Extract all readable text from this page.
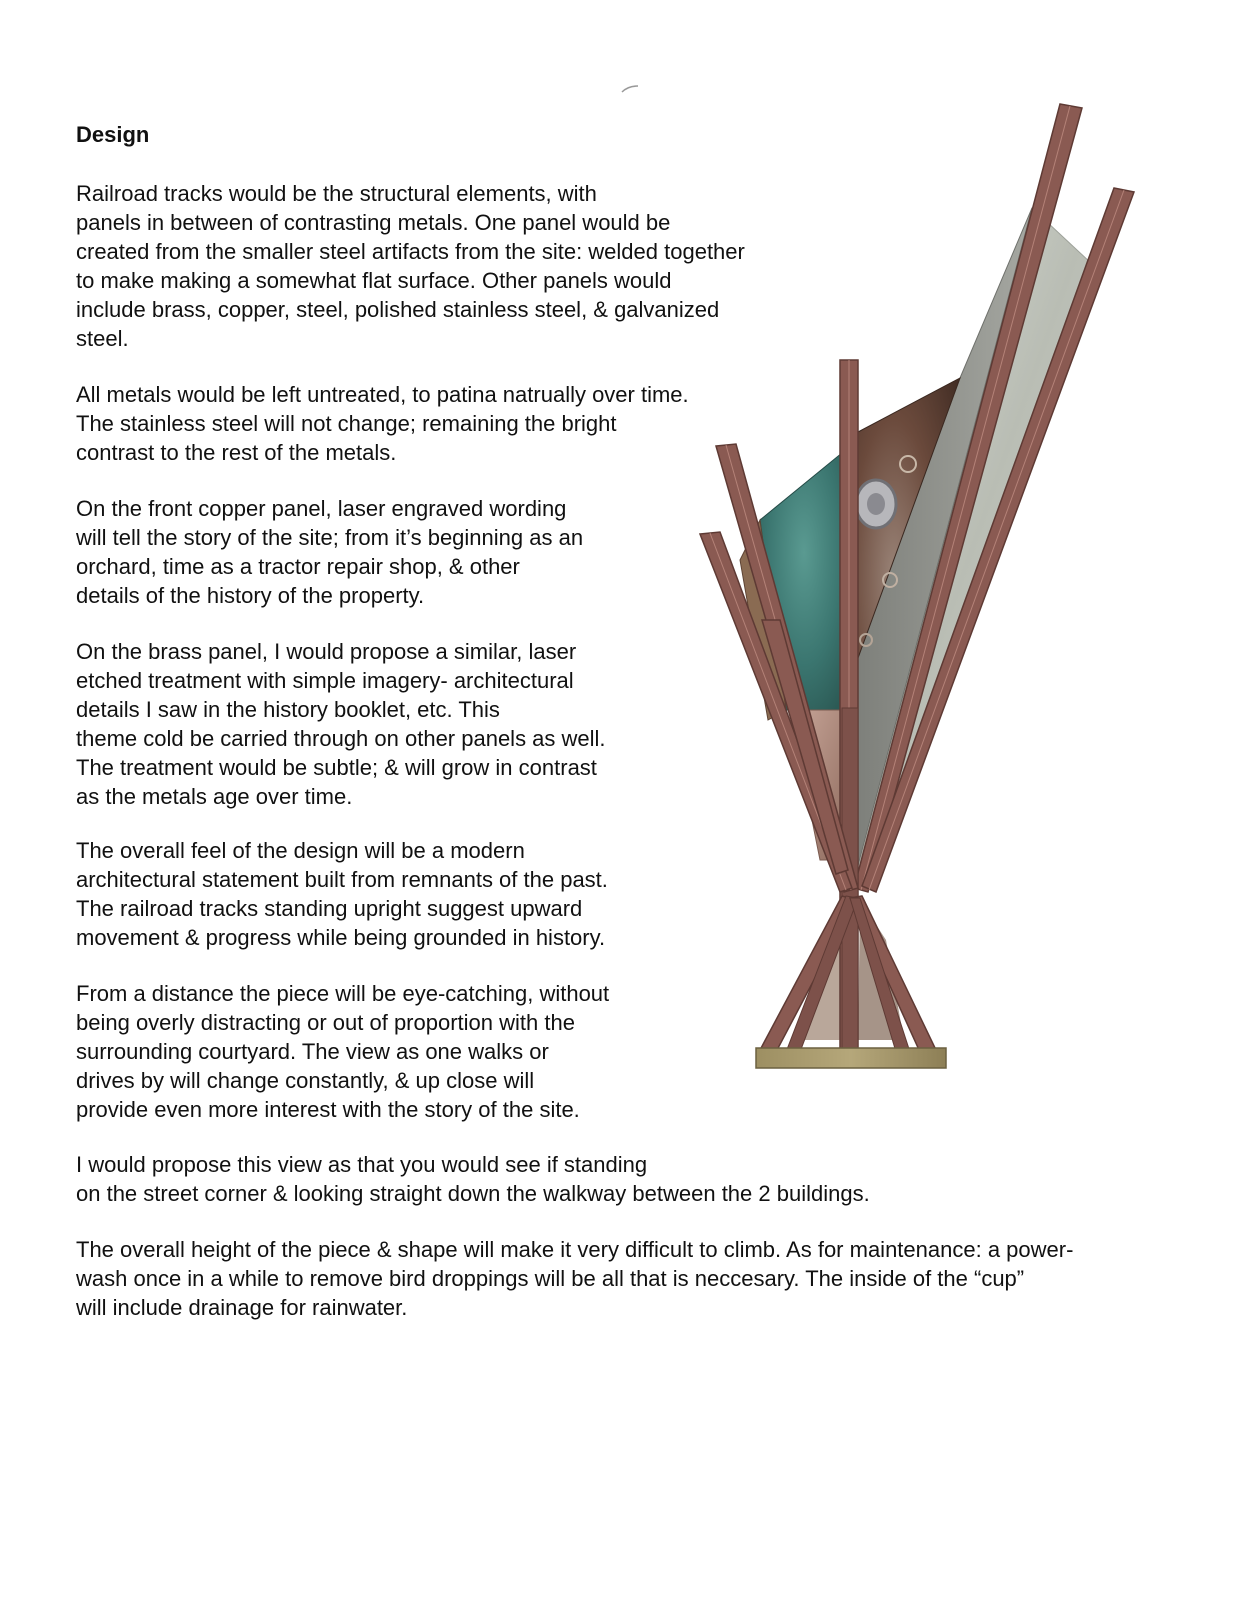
Design

Railroad tracks would be the structural elements, with
panels in between of contrasting metals. One panel would be
created from the smaller steel artifacts from the site: welded together
to make making a somewhat flat surface. Other panels would
include brass, copper, steel, polished stainless steel, & galvanized
steel.

All metals would be left untreated, to patina natrually over time.
The stainless steel will not change; remaining the bright
contrast to the rest of the metals.

On the front copper panel, laser engraved wording
will tell the story of the site; from it’s beginning as an
orchard, time as a tractor repair shop, & other
details of the history of the property.

On the brass panel, I would propose a similar, laser
etched treatment with simple imagery- architectural
details I saw in the history booklet, etc. This
theme cold be carried through on other panels as well.
The treatment would be subtle; & will grow in contrast
as the metals age over time.

The overall feel of the design will be a modern
architectural statement built from remnants of the past.
The railroad tracks standing upright suggest upward
movement & progress while being grounded in history.

From a distance the piece will be eye-catching, without
being overly distracting or out of proportion with the
surrounding courtyard. The view as one walks or
drives by will change constantly, & up close will
provide even more interest with the story of the site.

I would propose this view as that you would see if standing
on the street corner & looking straight down the walkway between the 2 buildings.

The overall height of the piece & shape will make it very difficult to climb. As for maintenance: a power-
wash once in a while to remove bird droppings will be all that is neccesary. The inside of the “cup”
will include drainage for rainwater.
